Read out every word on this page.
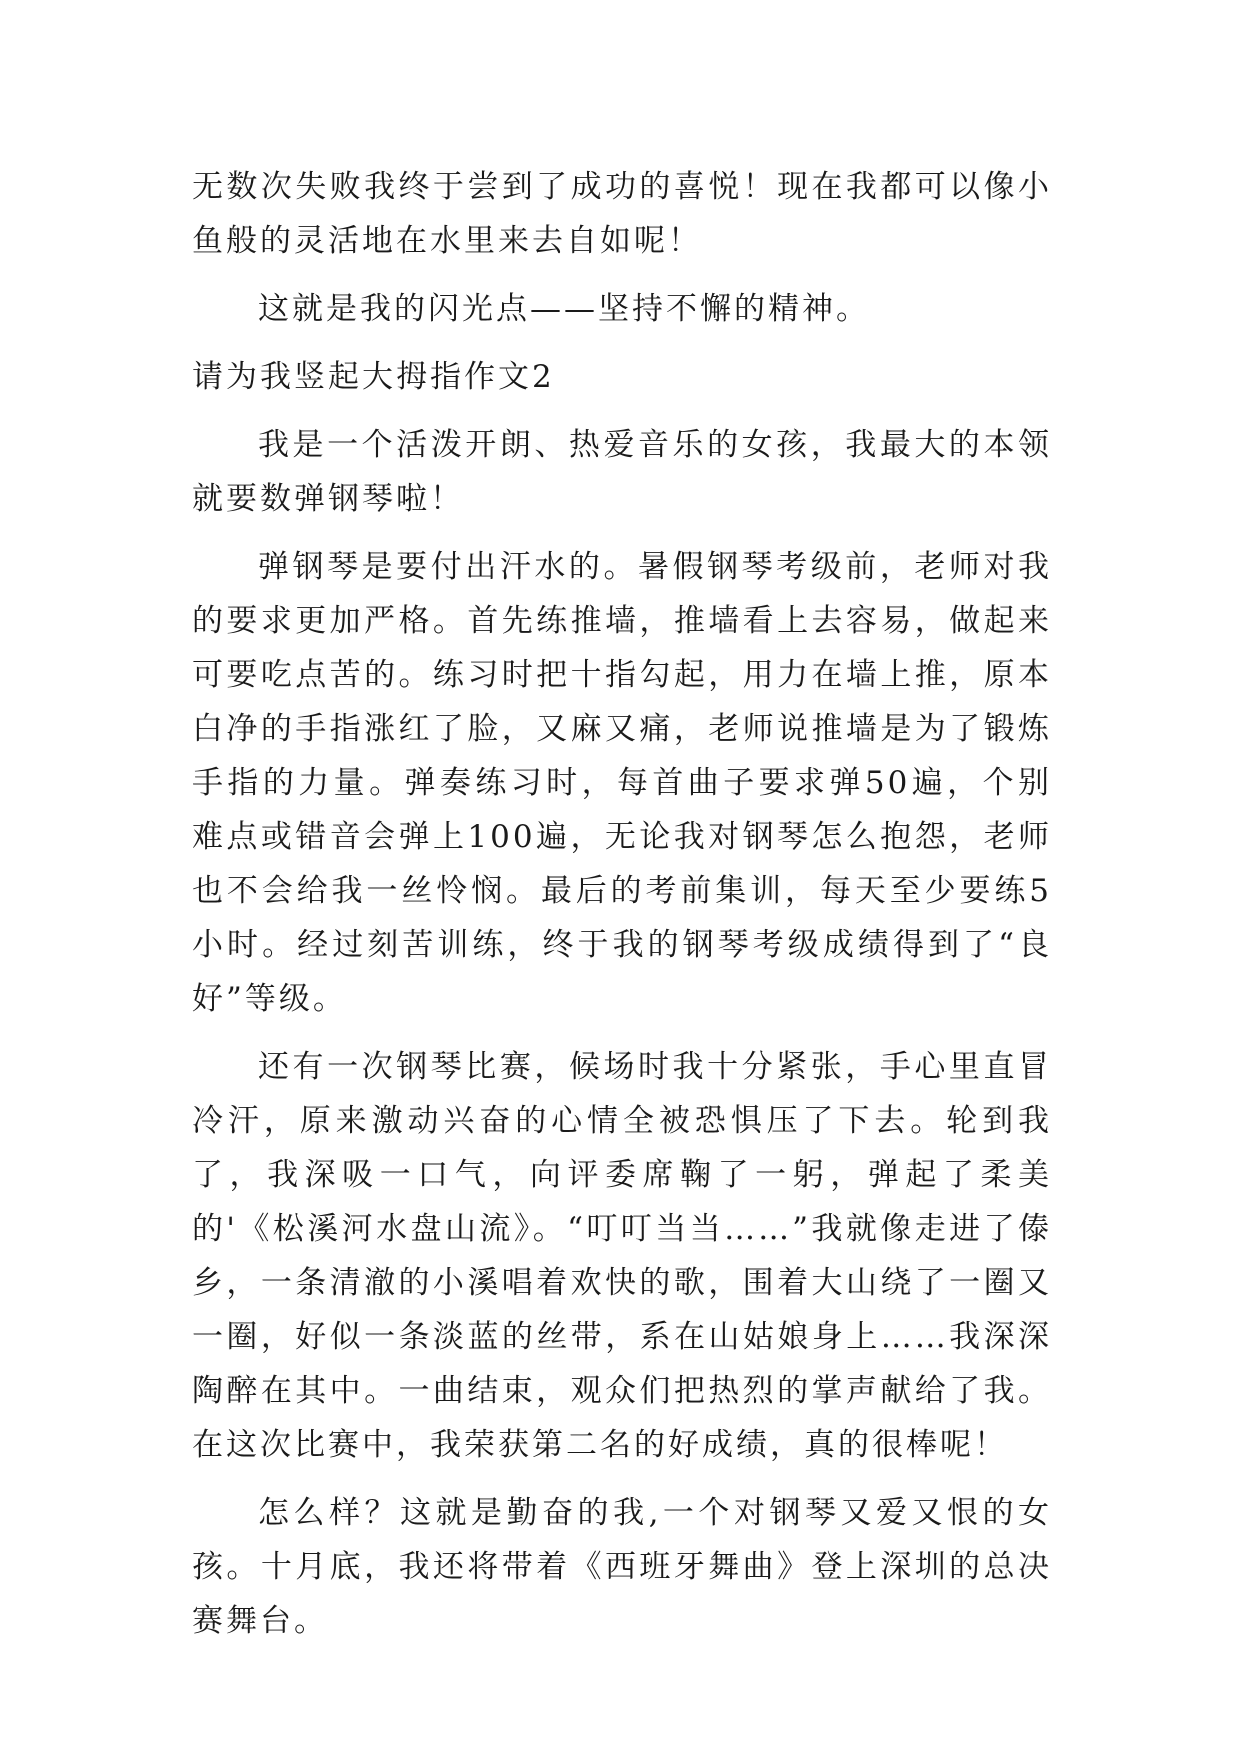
无数次失败我终于尝到了成功的喜悦！现在我都可以像小鱼般的灵活地在水里来去自如呢！

这就是我的闪光点——坚持不懈的精神。

请为我竖起大拇指作文2

我是一个活泼开朗、热爱音乐的女孩，我最大的本领就要数弹钢琴啦！

弹钢琴是要付出汗水的。暑假钢琴考级前，老师对我的要求更加严格。首先练推墙，推墙看上去容易，做起来可要吃点苦的。练习时把十指勾起，用力在墙上推，原本白净的手指涨红了脸，又麻又痛，老师说推墙是为了锻炼手指的力量。弹奏练习时，每首曲子要求弹50遍，个别难点或错音会弹上100遍，无论我对钢琴怎么抱怨，老师也不会给我一丝怜悯。最后的考前集训，每天至少要练5小时。经过刻苦训练，终于我的钢琴考级成绩得到了“良好”等级。

还有一次钢琴比赛，候场时我十分紧张，手心里直冒冷汗，原来激动兴奋的心情全被恐惧压了下去。轮到我了，我深吸一口气，向评委席鞠了一躬，弹起了柔美的'《松溪河水盘山流》。“叮叮当当……”我就像走进了傣乡，一条清澈的小溪唱着欢快的歌，围着大山绕了一圈又一圈，好似一条淡蓝的丝带，系在山姑娘身上……我深深陶醉在其中。一曲结束，观众们把热烈的掌声献给了我。在这次比赛中，我荣获第二名的好成绩，真的很棒呢！

怎么样？这就是勤奋的我,一个对钢琴又爱又恨的女孩。十月底，我还将带着《西班牙舞曲》登上深圳的总决赛舞台。
